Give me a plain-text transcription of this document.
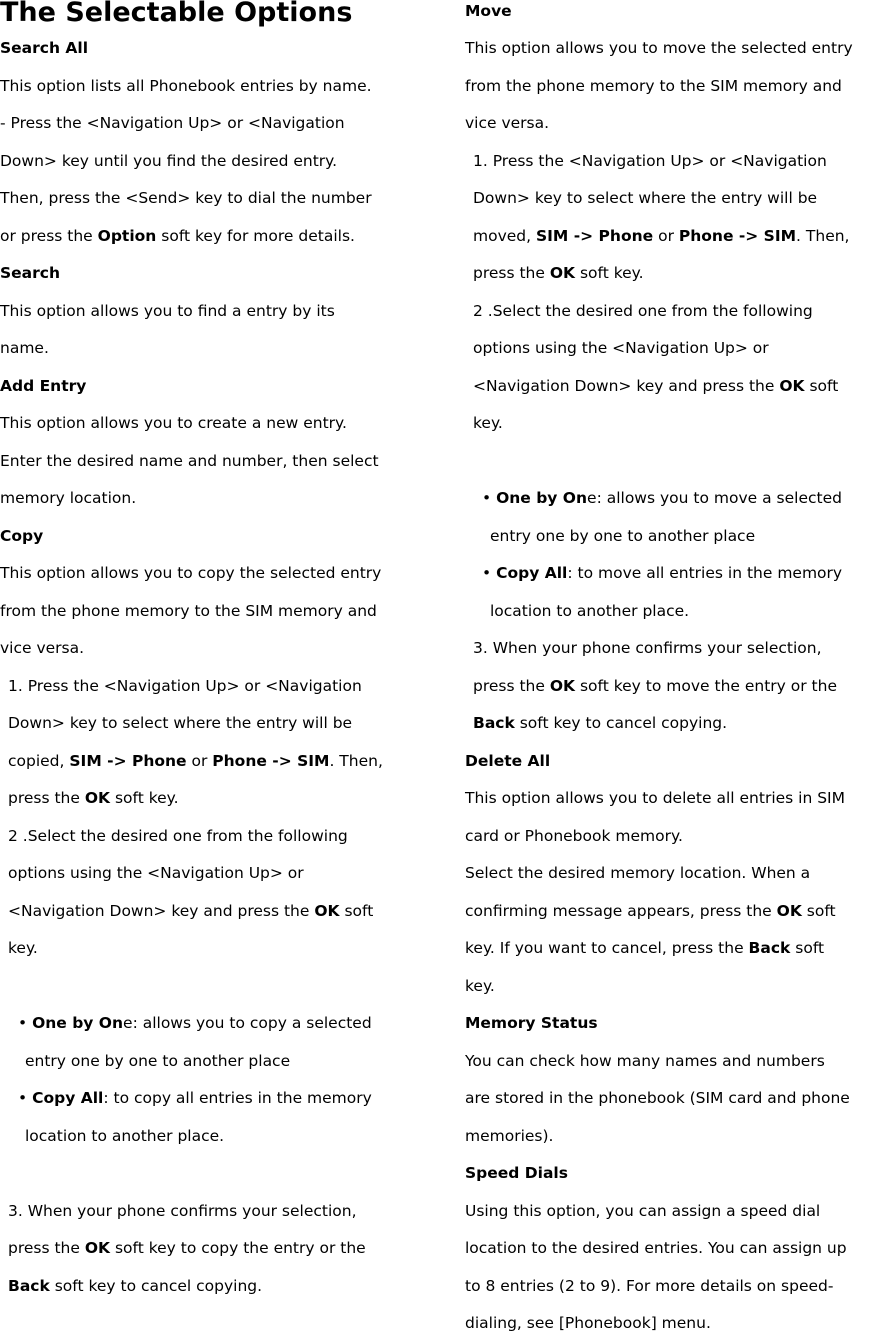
The Selectable Options
Search All
This option lists all Phonebook entries by name.
- Press the <Navigation Up> or <Navigation
Down> key until you find the desired entry.
Then, press the <Send> key to dial the number
or press the Option soft key for more details.
Search
This option allows you to find a entry by its
name.
Add Entry
This option allows you to create a new entry.
Enter the desired name and number, then select
memory location.
Copy
This option allows you to copy the selected entry
from the phone memory to the SIM memory and
vice versa.
1. Press the <Navigation Up> or <Navigation
Down> key to select where the entry will be
copied, SIM -> Phone or Phone -> SIM. Then,
press the OK soft key.
2 .Select the desired one from the following
options using the <Navigation Up> or
<Navigation Down> key and press the OK soft
key.
• One by One: allows you to copy a selected
entry one by one to another place
• Copy All: to copy all entries in the memory
location to another place.
3. When your phone confirms your selection,
press the OK soft key to copy the entry or the
Back soft key to cancel copying.
Move
This option allows you to move the selected entry
from the phone memory to the SIM memory and
vice versa.
1. Press the <Navigation Up> or <Navigation
Down> key to select where the entry will be
moved, SIM -> Phone or Phone -> SIM. Then,
press the OK soft key.
2 .Select the desired one from the following
options using the <Navigation Up> or
<Navigation Down> key and press the OK soft
key.
• One by One: allows you to move a selected
entry one by one to another place
• Copy All: to move all entries in the memory
location to another place.
3. When your phone confirms your selection,
press the OK soft key to move the entry or the
Back soft key to cancel copying.
Delete All
This option allows you to delete all entries in SIM
card or Phonebook memory.
Select the desired memory location. When a
confirming message appears, press the OK soft
key. If you want to cancel, press the Back soft
key.
Memory Status
You can check how many names and numbers
are stored in the phonebook (SIM card and phone
memories).
Speed Dials
Using this option, you can assign a speed dial
location to the desired entries. You can assign up
to 8 entries (2 to 9). For more details on speed-
dialing, see [Phonebook] menu.
